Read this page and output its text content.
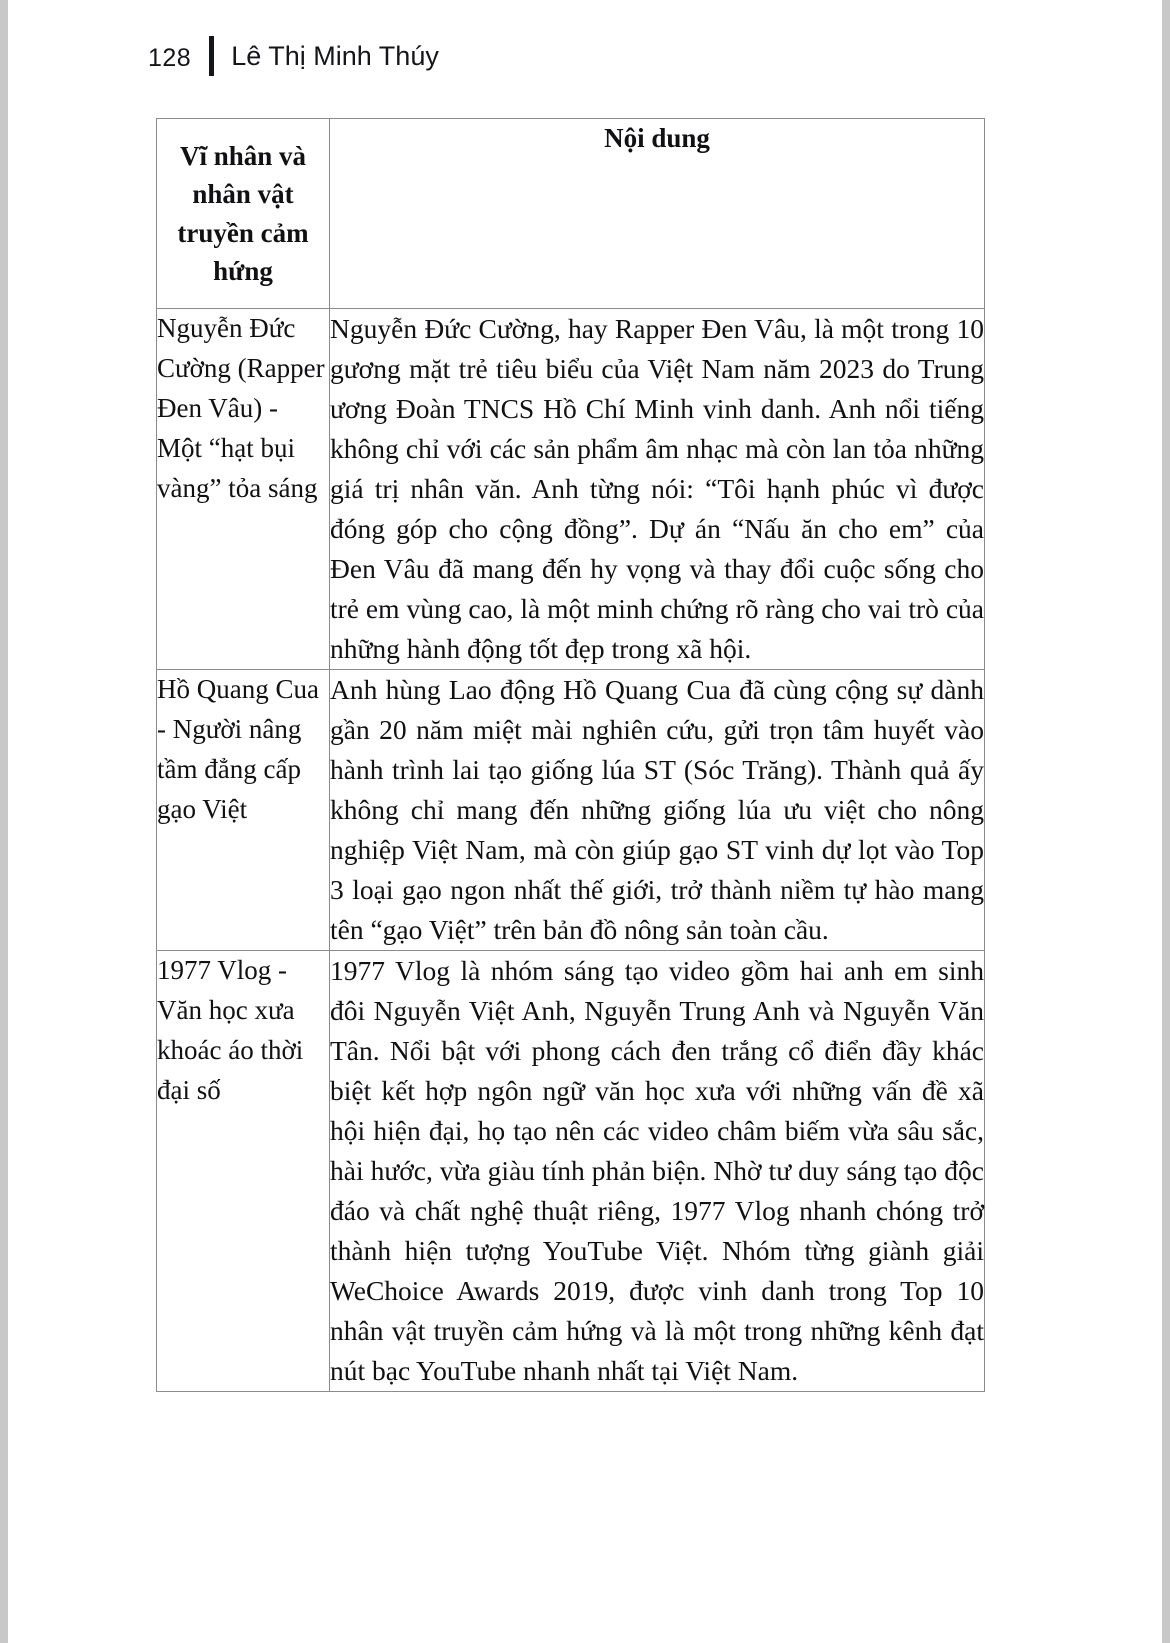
128 Lê Thị Minh Thúy
Vĩ nhân và nhân vật truyền cảm hứng	Nội dung
Nguyễn Đức Cường (Rapper Đen Vâu) - Một “hạt bụi vàng” tỏa sáng	Nguyễn Đức Cường, hay Rapper Đen Vâu, là một trong 10 gương mặt trẻ tiêu biểu của Việt Nam năm 2023 do Trung ương Đoàn TNCS Hồ Chí Minh vinh danh. Anh nổi tiếng không chỉ với các sản phẩm âm nhạc mà còn lan tỏa những giá trị nhân văn. Anh từng nói: “Tôi hạnh phúc vì được đóng góp cho cộng đồng”. Dự án “Nấu ăn cho em” của Đen Vâu đã mang đến hy vọng và thay đổi cuộc sống cho trẻ em vùng cao, là một minh chứng rõ ràng cho vai trò của những hành động tốt đẹp trong xã hội.
Hồ Quang Cua - Người nâng tầm đẳng cấp gạo Việt	Anh hùng Lao động Hồ Quang Cua đã cùng cộng sự dành gần 20 năm miệt mài nghiên cứu, gửi trọn tâm huyết vào hành trình lai tạo giống lúa ST (Sóc Trăng). Thành quả ấy không chỉ mang đến những giống lúa ưu việt cho nông nghiệp Việt Nam, mà còn giúp gạo ST vinh dự lọt vào Top 3 loại gạo ngon nhất thế giới, trở thành niềm tự hào mang tên “gạo Việt” trên bản đồ nông sản toàn cầu.
1977 Vlog - Văn học xưa khoác áo thời đại số	1977 Vlog là nhóm sáng tạo video gồm hai anh em sinh đôi Nguyễn Việt Anh, Nguyễn Trung Anh và Nguyễn Văn Tân. Nổi bật với phong cách đen trắng cổ điển đầy khác biệt kết hợp ngôn ngữ văn học xưa với những vấn đề xã hội hiện đại, họ tạo nên các video châm biếm vừa sâu sắc, hài hước, vừa giàu tính phản biện. Nhờ tư duy sáng tạo độc đáo và chất nghệ thuật riêng, 1977 Vlog nhanh chóng trở thành hiện tượng YouTube Việt. Nhóm từng giành giải WeChoice Awards 2019, được vinh danh trong Top 10 nhân vật truyền cảm hứng và là một trong những kênh đạt nút bạc YouTube nhanh nhất tại Việt Nam.
